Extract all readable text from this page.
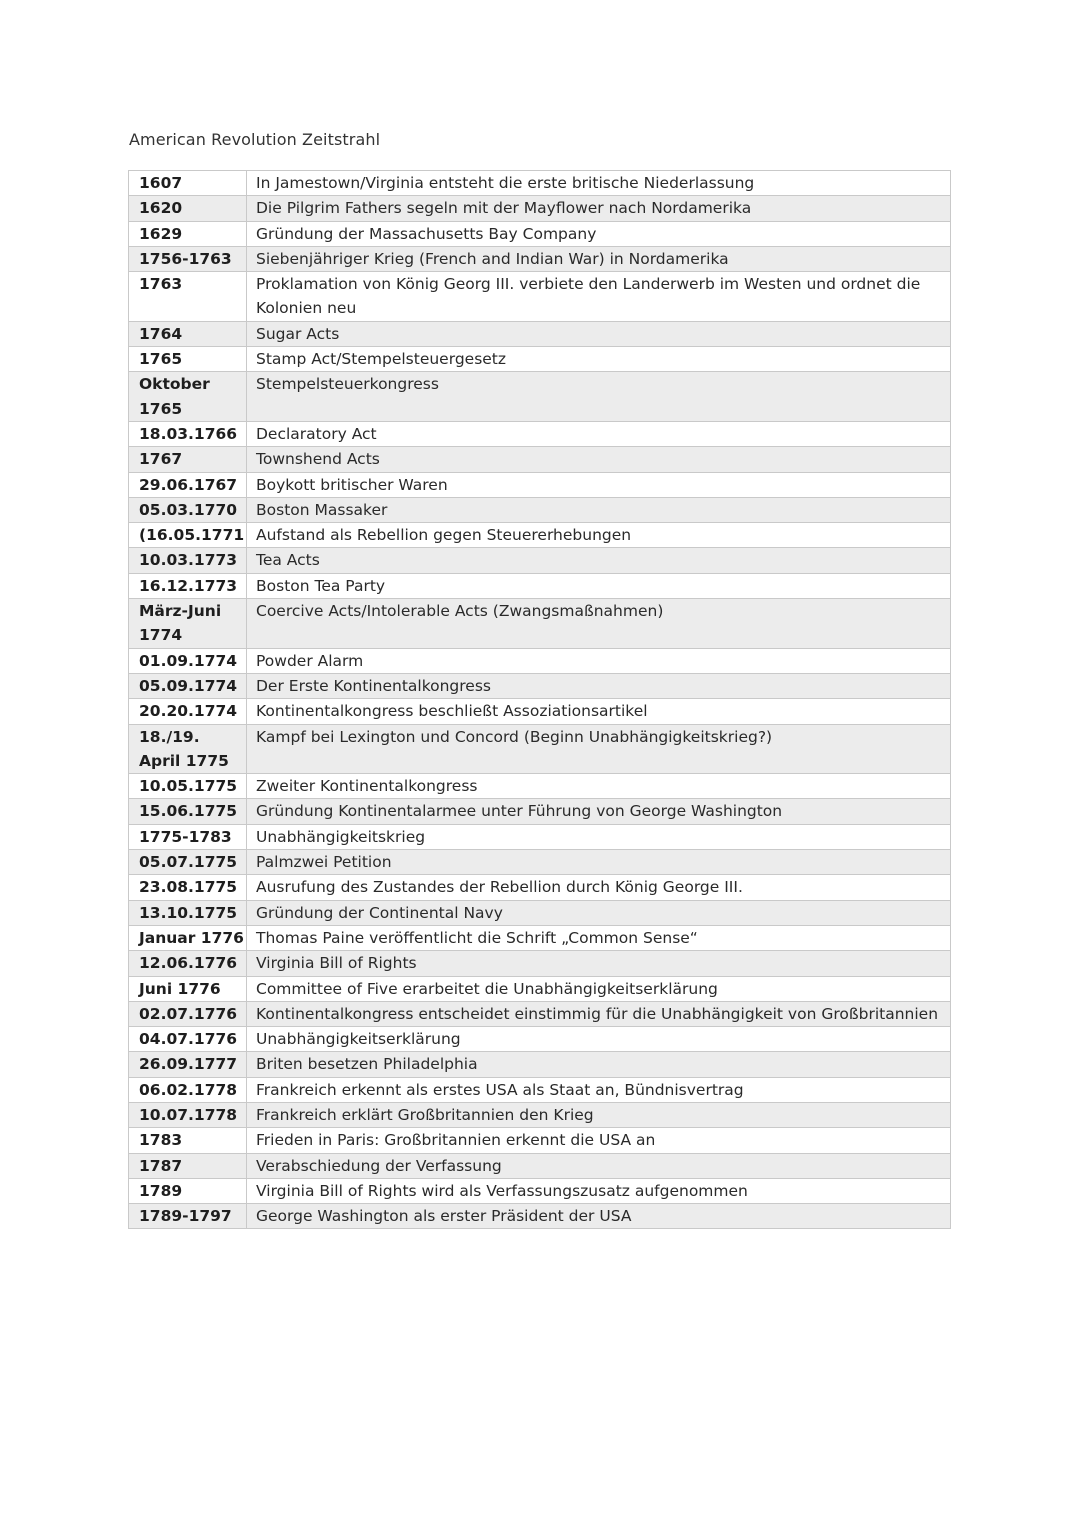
American Revolution Zeitstrahl
1607	In Jamestown/Virginia entsteht die erste britische Niederlassung
1620	Die Pilgrim Fathers segeln mit der Mayflower nach Nordamerika
1629	Gründung der Massachusetts Bay Company
1756-1763	Siebenjähriger Krieg (French and Indian War) in Nordamerika
1763	Proklamation von König Georg III. verbiete den Landerwerb im Westen und ordnet die Kolonien neu
1764	Sugar Acts
1765	Stamp Act/Stempelsteuergesetz
Oktober 1765	Stempelsteuerkongress
18.03.1766	Declaratory Act
1767	Townshend Acts
29.06.1767	Boykott britischer Waren
05.03.1770	Boston Massaker
(16.05.1771	Aufstand als Rebellion gegen Steuererhebungen
10.03.1773	Tea Acts
16.12.1773	Boston Tea Party
März-Juni 1774	Coercive Acts/Intolerable Acts (Zwangsmaßnahmen)
01.09.1774	Powder Alarm
05.09.1774	Der Erste Kontinentalkongress
20.20.1774	Kontinentalkongress beschließt Assoziationsartikel
18./19. April 1775	Kampf bei Lexington und Concord (Beginn Unabhängigkeitskrieg?)
10.05.1775	Zweiter Kontinentalkongress
15.06.1775	Gründung Kontinentalarmee unter Führung von George Washington
1775-1783	Unabhängigkeitskrieg
05.07.1775	Palmzwei Petition
23.08.1775	Ausrufung des Zustandes der Rebellion durch König George III.
13.10.1775	Gründung der Continental Navy
Januar 1776	Thomas Paine veröffentlicht die Schrift „Common Sense“
12.06.1776	Virginia Bill of Rights
Juni 1776	Committee of Five erarbeitet die Unabhängigkeitserklärung
02.07.1776	Kontinentalkongress entscheidet einstimmig für die Unabhängigkeit von Großbritannien
04.07.1776	Unabhängigkeitserklärung
26.09.1777	Briten besetzen Philadelphia
06.02.1778	Frankreich erkennt als erstes USA als Staat an, Bündnisvertrag
10.07.1778	Frankreich erklärt Großbritannien den Krieg
1783	Frieden in Paris: Großbritannien erkennt die USA an
1787	Verabschiedung der Verfassung
1789	Virginia Bill of Rights wird als Verfassungszusatz aufgenommen
1789-1797	George Washington als erster Präsident der USA
